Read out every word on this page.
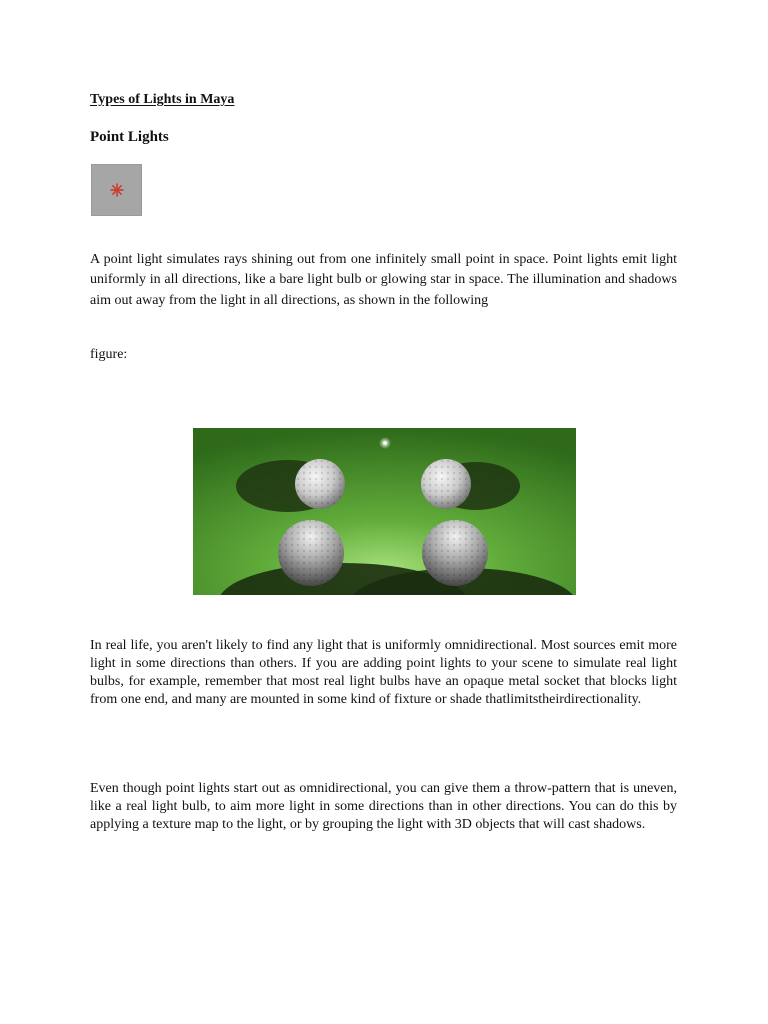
Types of Lights in Maya
Point Lights

A point light simulates rays shining out from one infinitely small point in space. Point lights emit light uniformly in all directions, like a bare light bulb or glowing star in space. The illumination and shadows aim out away from the light in all directions, as shown in the following

figure:

In real life, you aren't likely to find any light that is uniformly omnidirectional. Most sources emit more light in some directions than others. If you are adding point lights to your scene to simulate real light bulbs, for example, remember that most real light bulbs have an opaque metal socket that blocks light from one end, and many are mounted in some kind of fixture or shade thatlimitstheirdirectionality.

Even though point lights start out as omnidirectional, you can give them a throw-pattern that is uneven, like a real light bulb, to aim more light in some directions than in other directions. You can do this by applying a texture map to the light, or by grouping the light with 3D objects that will cast shadows.
